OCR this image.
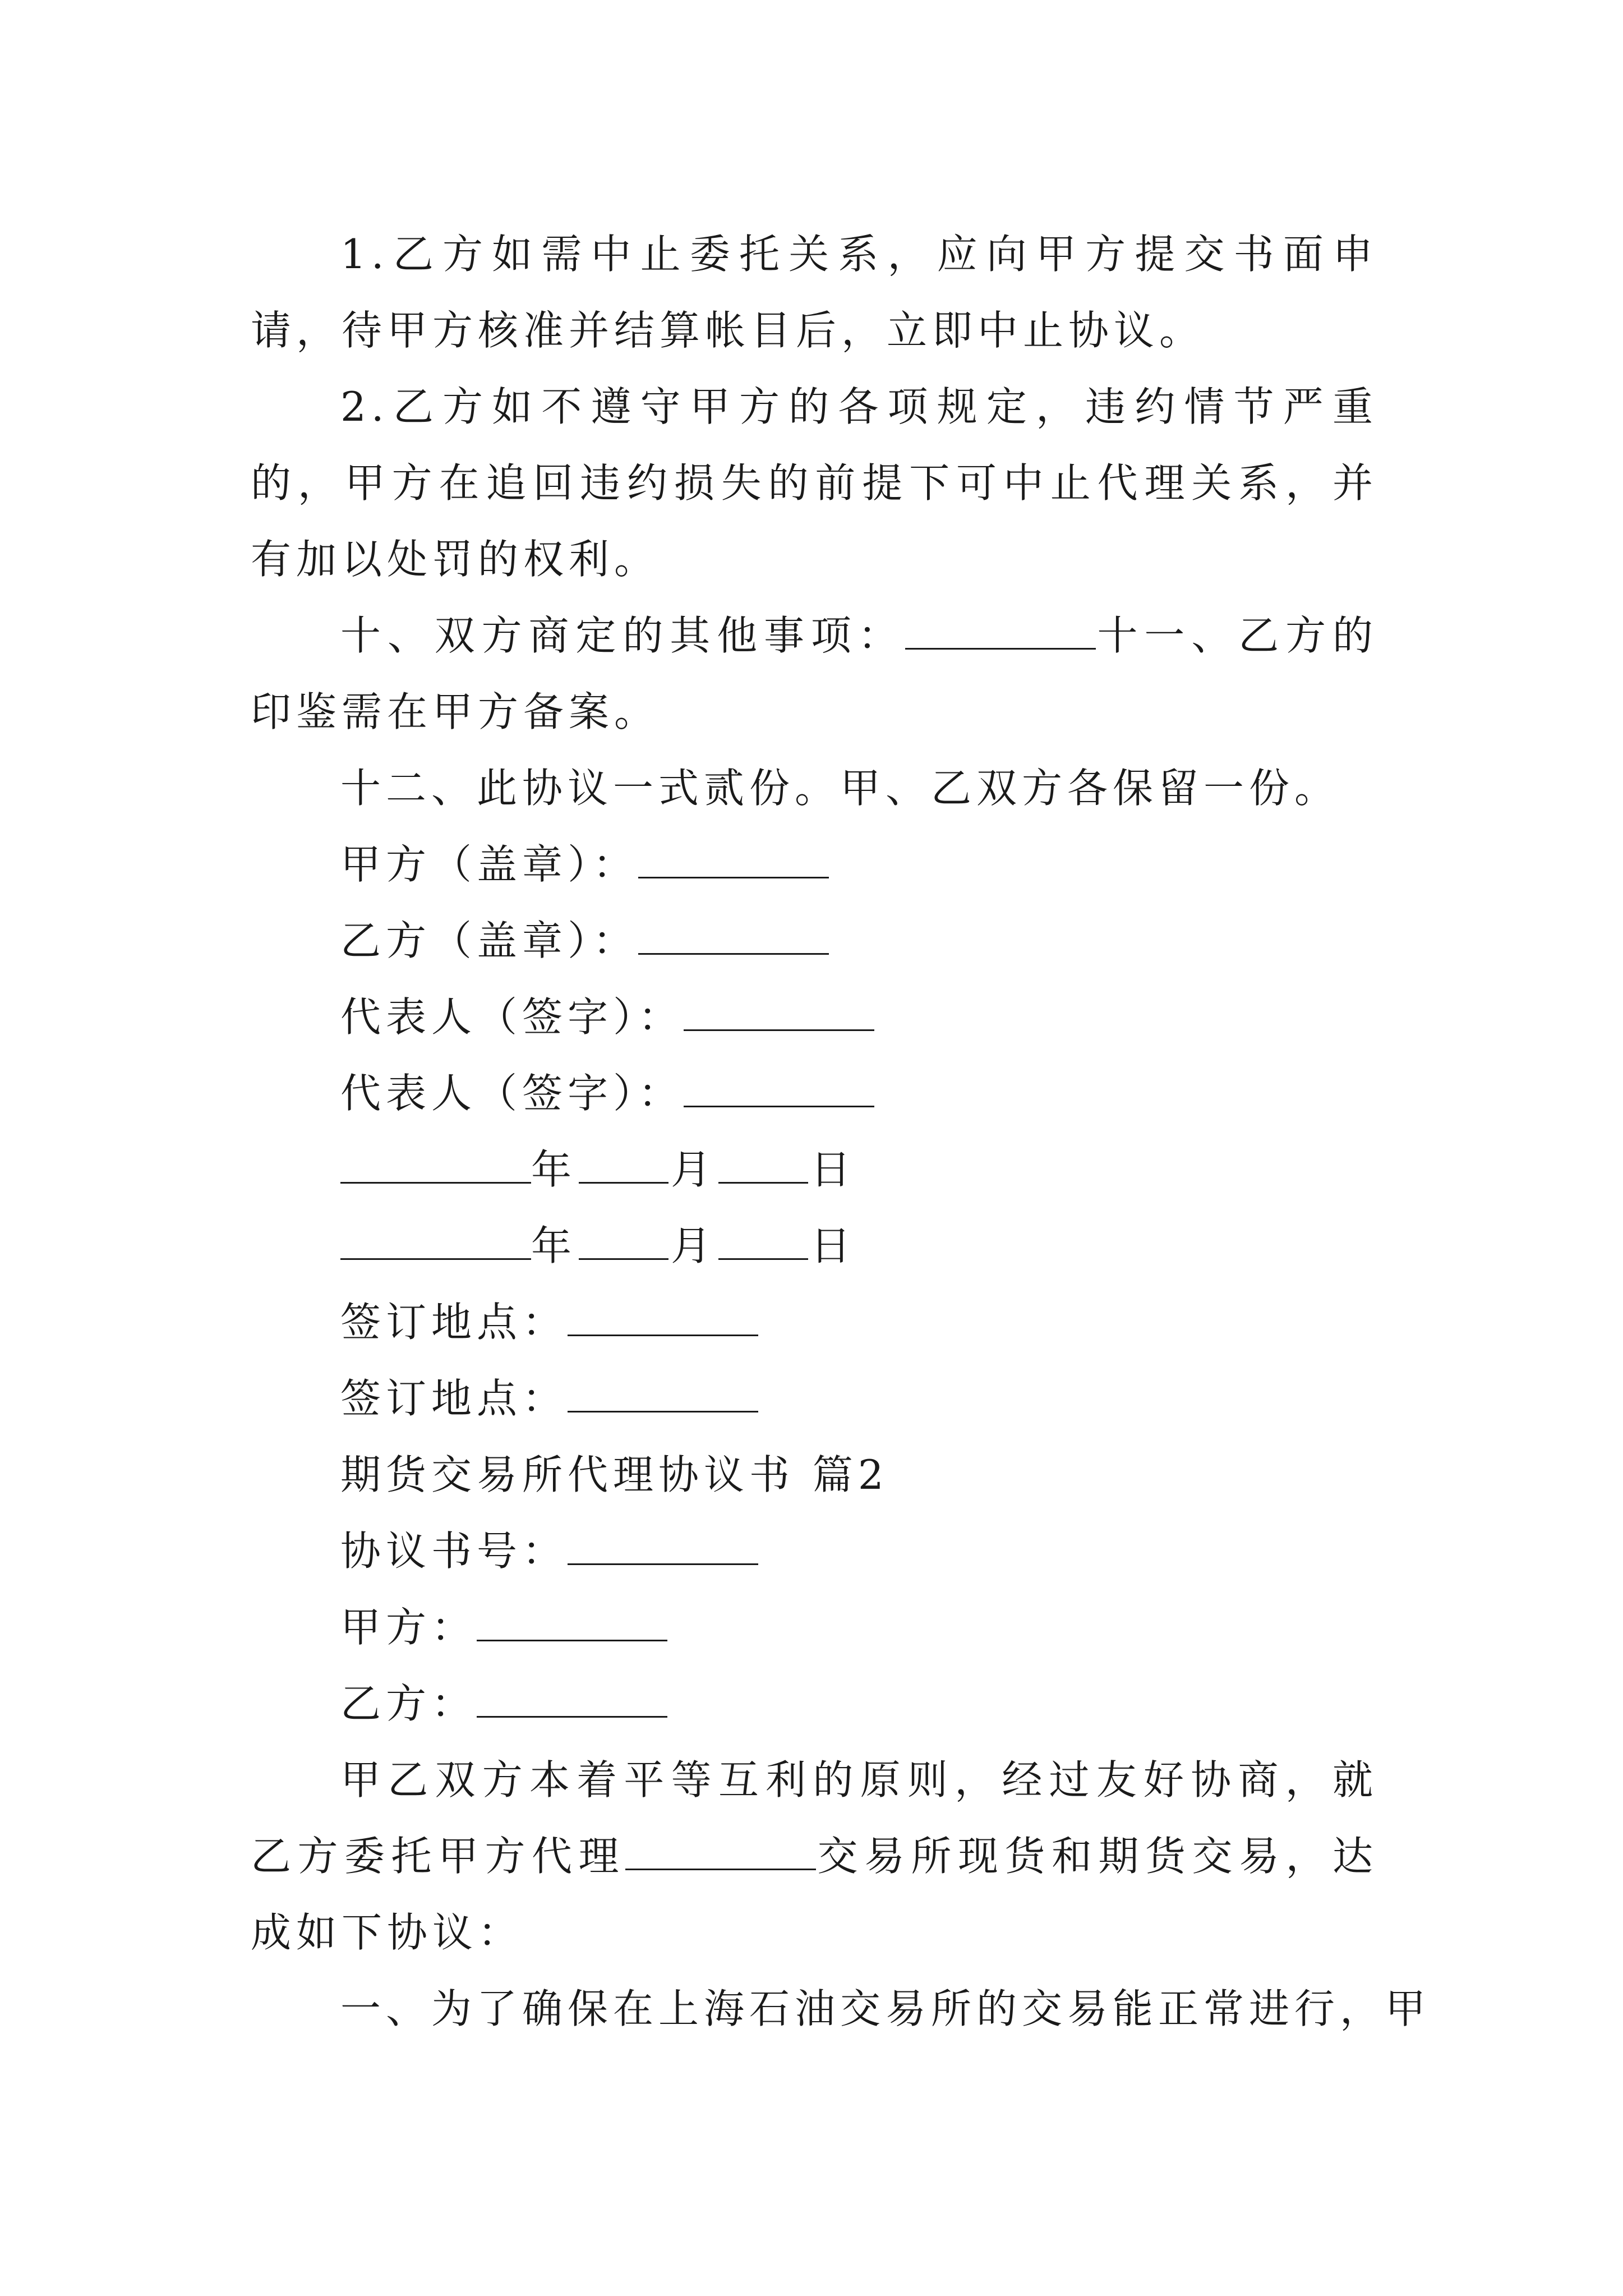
1.乙方如需中止委托关系，应向甲方提交书面申请，待甲方核准并结算帐目后，立即中止协议。

2.乙方如不遵守甲方的各项规定，违约情节严重的，甲方在追回违约损失的前提下可中止代理关系，并有加以处罚的权利。

十、双方商定的其他事项：	十一、乙方的印鉴需在甲方备案。

十二、此协议一式贰份。甲、乙双方各保留一份。

甲方（盖章）：

乙方（盖章）：

代表人（签字）：

代表人（签字）：

年 月 日

年 月 日

签订地点：

签订地点：

期货交易所代理协议书 篇2

协议书号：

甲方：

乙方：

甲乙双方本着平等互利的原则，经过友好协商，就乙方委托甲方代理	交易所现货和期货交易，达成如下协议：

一、为了确保在上海石油交易所的交易能正常进行，甲
